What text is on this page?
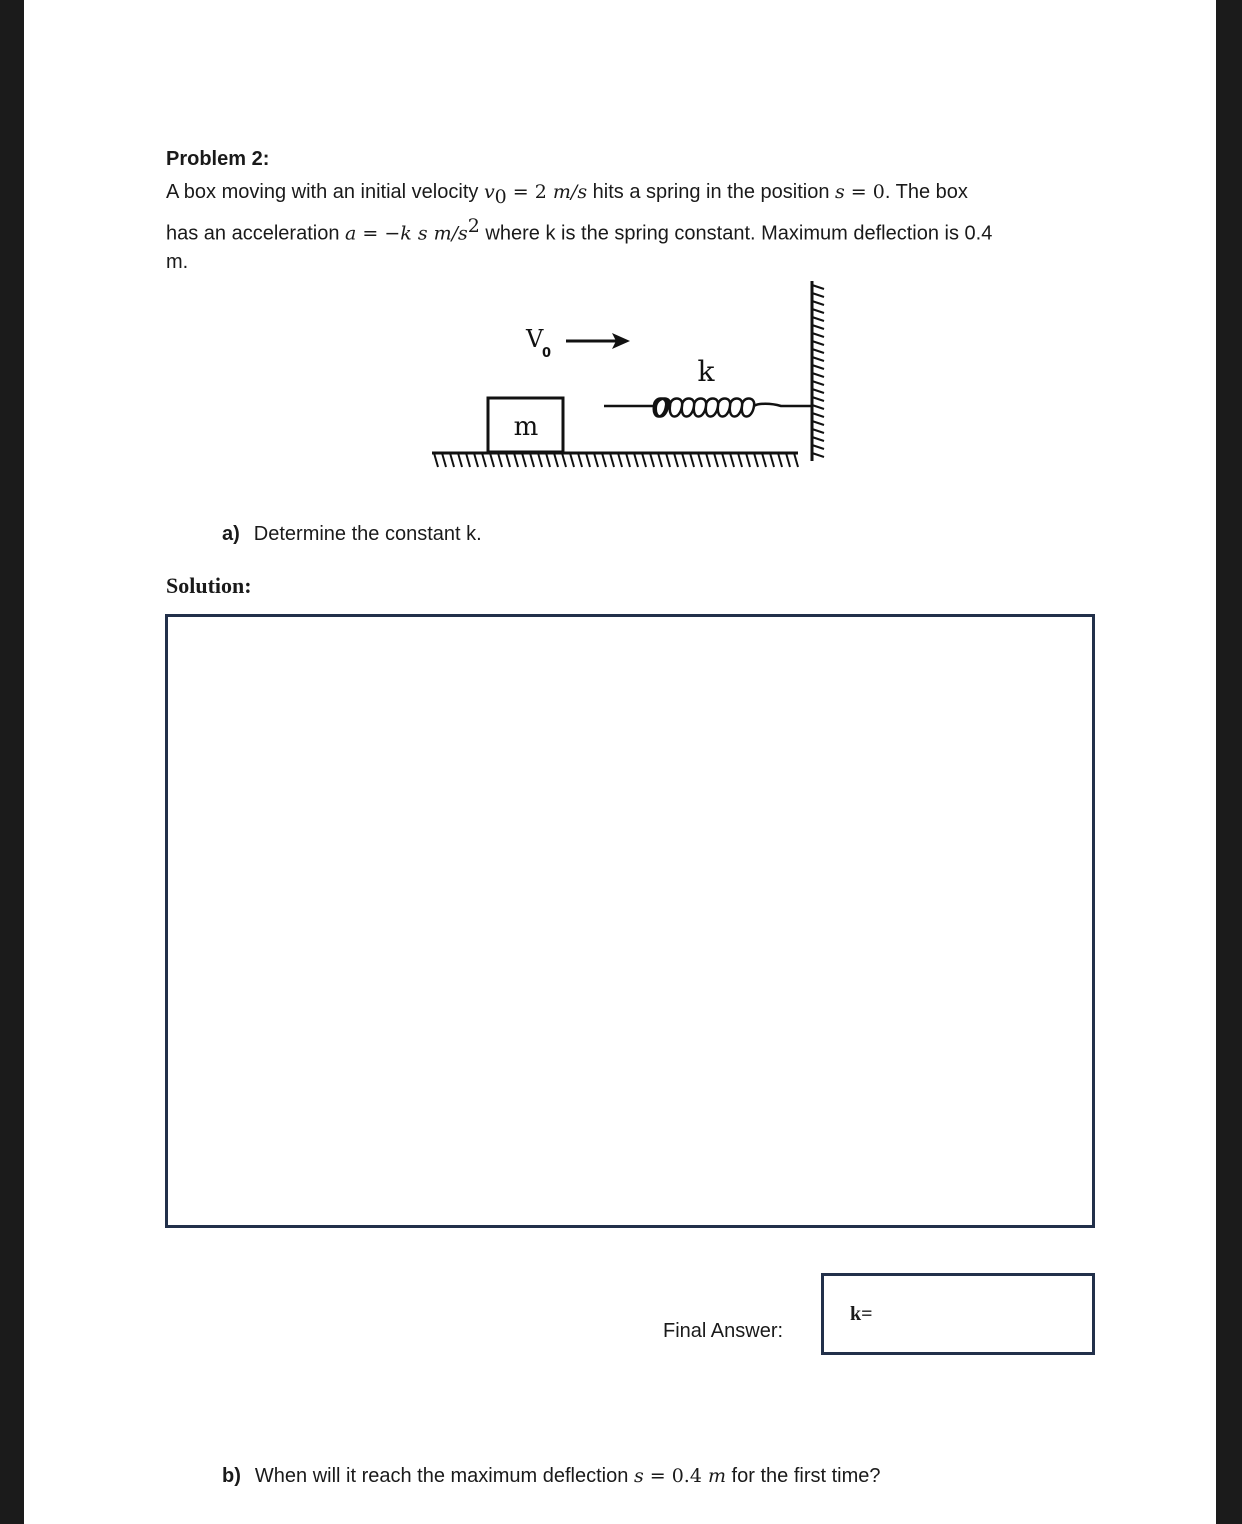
Problem 2:
A box moving with an initial velocity $v_0 = 2$ m/s hits a spring in the position s = 0. The box
has an acceleration a = −k s $m/s^2$ where k is the spring constant. Maximum deflection is 0.4
m.
m
V
0
k
a) Determine the constant k.
Solution:
Final Answer:
k=
b) When will it reach the maximum deflection s = 0.4 m for the first time?
